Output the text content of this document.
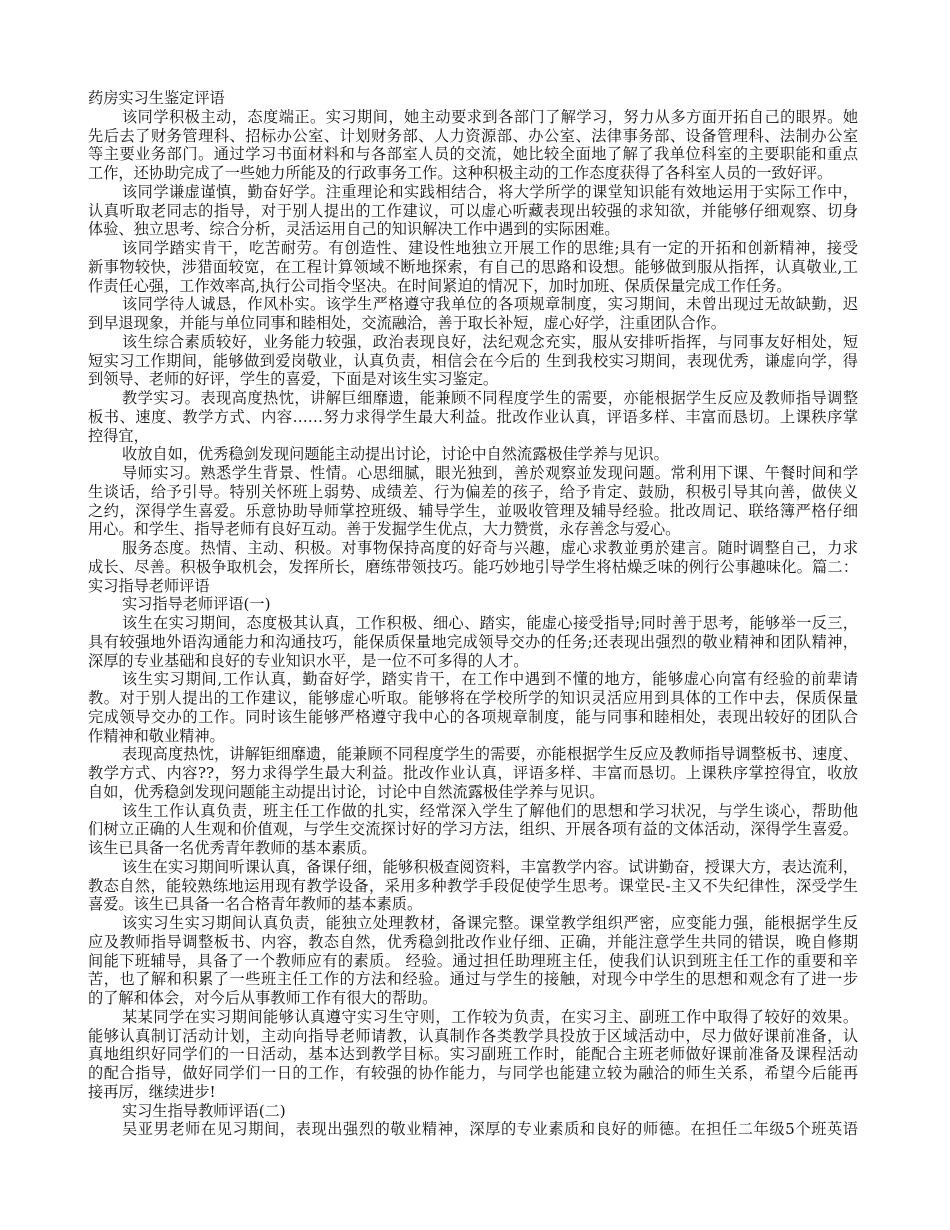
药房实习生鉴定评语
该同学积极主动，态度端正。实习期间，她主动要求到各部门了解学习，努力从多方面开拓自己的眼界。她
先后去了财务管理科、招标办公室、计划财务部、人力资源部、办公室、法律事务部、设备管理科、法制办公室
等主要业务部门。通过学习书面材料和与各部室人员的交流，她比较全面地了解了我单位科室的主要职能和重点
工作，还协助完成了一些她力所能及的行政事务工作。这种积极主动的工作态度获得了各科室人员的一致好评。
该同学谦虚谨慎，勤奋好学。注重理论和实践相结合，将大学所学的课堂知识能有效地运用于实际工作中，
认真听取老同志的指导，对于别人提出的工作建议，可以虚心听藏表现出较强的求知欲，并能够仔细观察、切身
体验、独立思考、综合分析，灵活运用自己的知识解决工作中遇到的实际困难。
该同学踏实肯干，吃苦耐劳。有创造性、建设性地独立开展工作的思维;具有一定的开拓和创新精神，接受
新事物较快，涉猎面较宽，在工程计算领域不断地探索，有自己的思路和设想。能够做到服从指挥，认真敬业,工
作责任心强，工作效率高,执行公司指令坚决。在时间紧迫的情况下，加时加班、保质保量完成工作任务。
该同学待人诚恳，作风朴实。该学生严格遵守我单位的各项规章制度，实习期间，未曾出现过无故缺勤，迟
到早退现象，并能与单位同事和睦相处，交流融洽，善于取长补短，虚心好学，注重团队合作。
该生综合素质较好，业务能力较强，政治表现良好，法纪观念充实，服从安排听指挥，与同事友好相处，短
短实习工作期间，能够做到爱岗敬业，认真负责，相信会在今后的 生到我校实习期间，表现优秀，谦虚向学，得
到领导、老师的好评，学生的喜爱，下面是对该生实习鉴定。
教学实习。表现高度热忱，讲解巨细靡遗，能兼顾不同程度学生的需要，亦能根据学生反应及教师指导调整
板书、速度、教学方式、内容……努力求得学生最大利益。批改作业认真，评语多样、丰富而恳切。上课秩序掌
控得宜，
收放自如，优秀稳剑发现问题能主动提出讨论，讨论中自然流露极佳学养与见识。
导师实习。熟悉学生背景、性情。心思细腻，眼光独到，善於观察並发现问题。常利用下课、午餐时间和学
生谈话，给予引导。特别关怀班上弱势、成绩差、行为偏差的孩子，给予肯定、鼓励，积极引导其向善，做侠义
之约，深得学生喜爱。乐意协助导师掌控班级、辅导学生，並吸收管理及辅导经验。批改周记、联络簿严格仔细
用心。和学生、指导老师有良好互动。善于发掘学生优点，大力赞赏，永存善念与爱心。
服务态度。热情、主动、积极。对事物保持高度的好奇与兴趣，虚心求教並勇於建言。随时调整自己，力求
成长、尽善。积极争取机会，发挥所长，磨练带领技巧。能巧妙地引导学生将枯燥乏味的例行公事趣味化。篇二：
实习指导老师评语
实习指导老师评语(一)
该生在实习期间，态度极其认真，工作积极、细心、踏实，能虚心接受指导;同时善于思考，能够举一反三，
具有较强地外语沟通能力和沟通技巧，能保质保量地完成领导交办的任务;还表现出强烈的敬业精神和团队精神，
深厚的专业基础和良好的专业知识水平，是一位不可多得的人才。
该生实习期间,工作认真，勤奋好学，踏实肯干，在工作中遇到不懂的地方，能够虚心向富有经验的前辈请
教。对于别人提出的工作建议，能够虚心听取。能够将在学校所学的知识灵活应用到具体的工作中去，保质保量
完成领导交办的工作。同时该生能够严格遵守我中心的各项规章制度，能与同事和睦相处，表现出较好的团队合
作精神和敬业精神。
表现高度热忱，讲解钜细靡遗，能兼顾不同程度学生的需要，亦能根据学生反应及教师指导调整板书、速度、
教学方式、内容??，努力求得学生最大利益。批改作业认真，评语多样、丰富而恳切。上课秩序掌控得宜，收放
自如，优秀稳剑发现问题能主动提出讨论，讨论中自然流露极佳学养与见识。
该生工作认真负责，班主任工作做的扎实，经常深入学生了解他们的思想和学习状况，与学生谈心，帮助他
们树立正确的人生观和价值观，与学生交流探讨好的学习方法，组织、开展各项有益的文体活动，深得学生喜爱。
该生已具备一名优秀青年教师的基本素质。
该生在实习期间听课认真，备课仔细，能够积极查阅资料，丰富教学内容。试讲勤奋，授课大方，表达流利，
教态自然，能较熟练地运用现有教学设备，采用多种教学手段促使学生思考。课堂民-主又不失纪律性，深受学生
喜爱。该生已具备一名合格青年教师的基本素质。
该实习生实习期间认真负责，能独立处理教材，备课完整。课堂教学组织严密，应变能力强，能根据学生反
应及教师指导调整板书、内容，教态自然，优秀稳剑批改作业仔细、正确，并能注意学生共同的错误，晚自修期
间能下班辅导，具备了一个教师应有的素质。 经验。通过担任助理班主任，使我们认识到班主任工作的重要和辛
苦，也了解和积累了一些班主任工作的方法和经验。通过与学生的接触，对现今中学生的思想和观念有了进一步
的了解和体会，对今后从事教师工作有很大的帮助。
某某同学在实习期间能够认真遵守实习生守则，工作较为负责，在实习主、副班工作中取得了较好的效果。
能够认真制订活动计划，主动向指导老师请教，认真制作各类教学具投放于区域活动中，尽力做好课前准备，认
真地组织好同学们的一日活动，基本达到教学目标。实习副班工作时，能配合主班老师做好课前准备及课程活动
的配合指导，做好同学们一日的工作，有较强的协作能力，与同学也能建立较为融洽的师生关系，希望今后能再
接再厉，继续进步!
实习生指导教师评语(二)
吴亚男老师在见习期间，表现出强烈的敬业精神，深厚的专业素质和良好的师德。在担任二年级5个班英语
